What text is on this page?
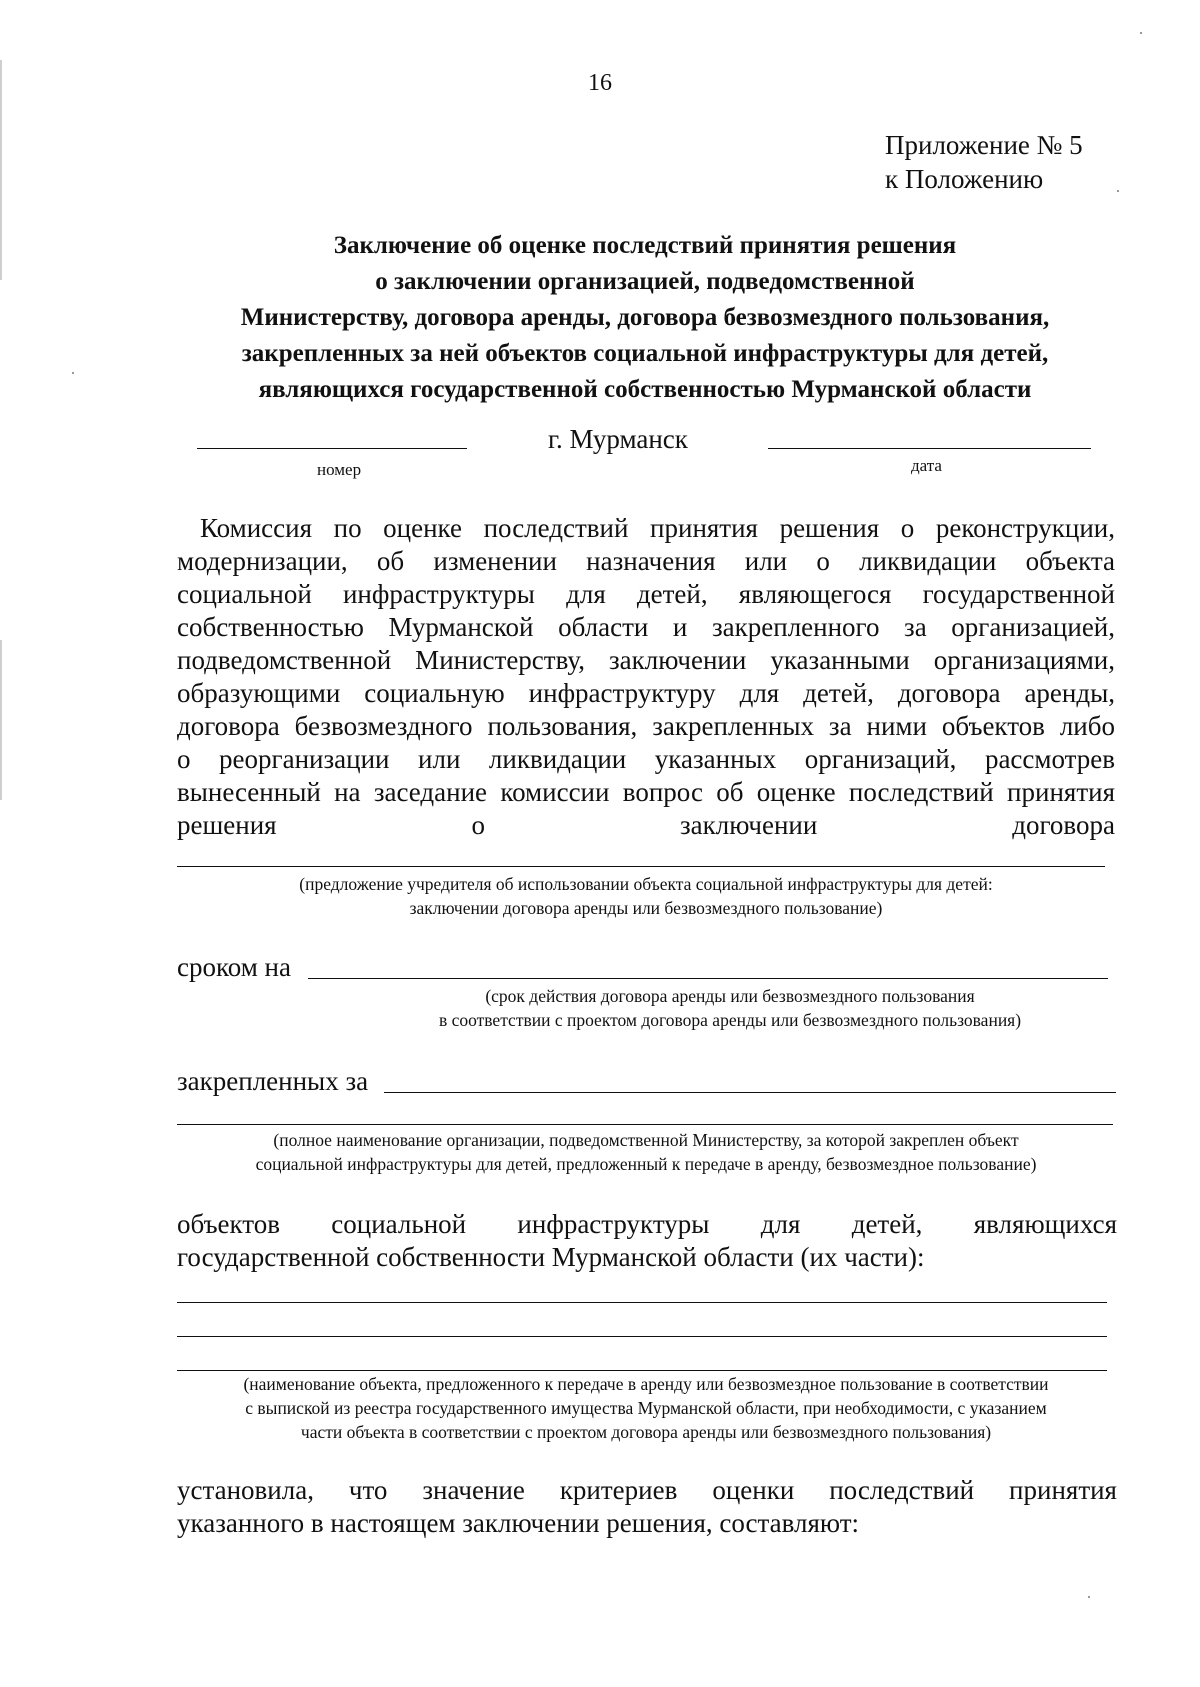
16
Приложение № 5
к Положению
Заключение об оценке последствий принятия решения
о заключении организацией, подведомственной
Министерству, договора аренды, договора безвозмездного пользования,
закрепленных за ней объектов социальной инфраструктуры для детей,
являющихся государственной собственностью Мурманской области
г. Мурманск
номер	дата
Комиссия по оценке последствий принятия решения о реконструкции,
модернизации, об изменении назначения или о ликвидации объекта
социальной инфраструктуры для детей, являющегося государственной
собственностью Мурманской области и закрепленного за организацией,
подведомственной Министерству, заключении указанными организациями,
образующими социальную инфраструктуру для детей, договора аренды,
договора безвозмездного пользования, закрепленных за ними объектов либо
о реорганизации или ликвидации указанных организаций, рассмотрев
вынесенный на заседание комиссии вопрос об оценке последствий принятия
решения	о	заключении	договора
(предложение учредителя об использовании объекта социальной инфраструктуры для детей:
заключении договора аренды или безвозмездного пользование)
сроком на
(срок действия договора аренды или безвозмездного пользования
в соответствии с проектом договора аренды или безвозмездного пользования)
закрепленных за
(полное наименование организации, подведомственной Министерству, за которой закреплен объект
социальной инфраструктуры для детей, предложенный к передаче в аренду, безвозмездное пользование)
объектов социальной инфраструктуры для детей, являющихся
государственной собственности Мурманской области (их части):
(наименование объекта, предложенного к передаче в аренду или безвозмездное пользование в соответствии
с выпиской из реестра государственного имущества Мурманской области, при необходимости, с указанием
части объекта в соответствии с проектом договора аренды или безвозмездного пользования)
установила, что значение критериев оценки последствий принятия
указанного в настоящем заключении решения, составляют:
